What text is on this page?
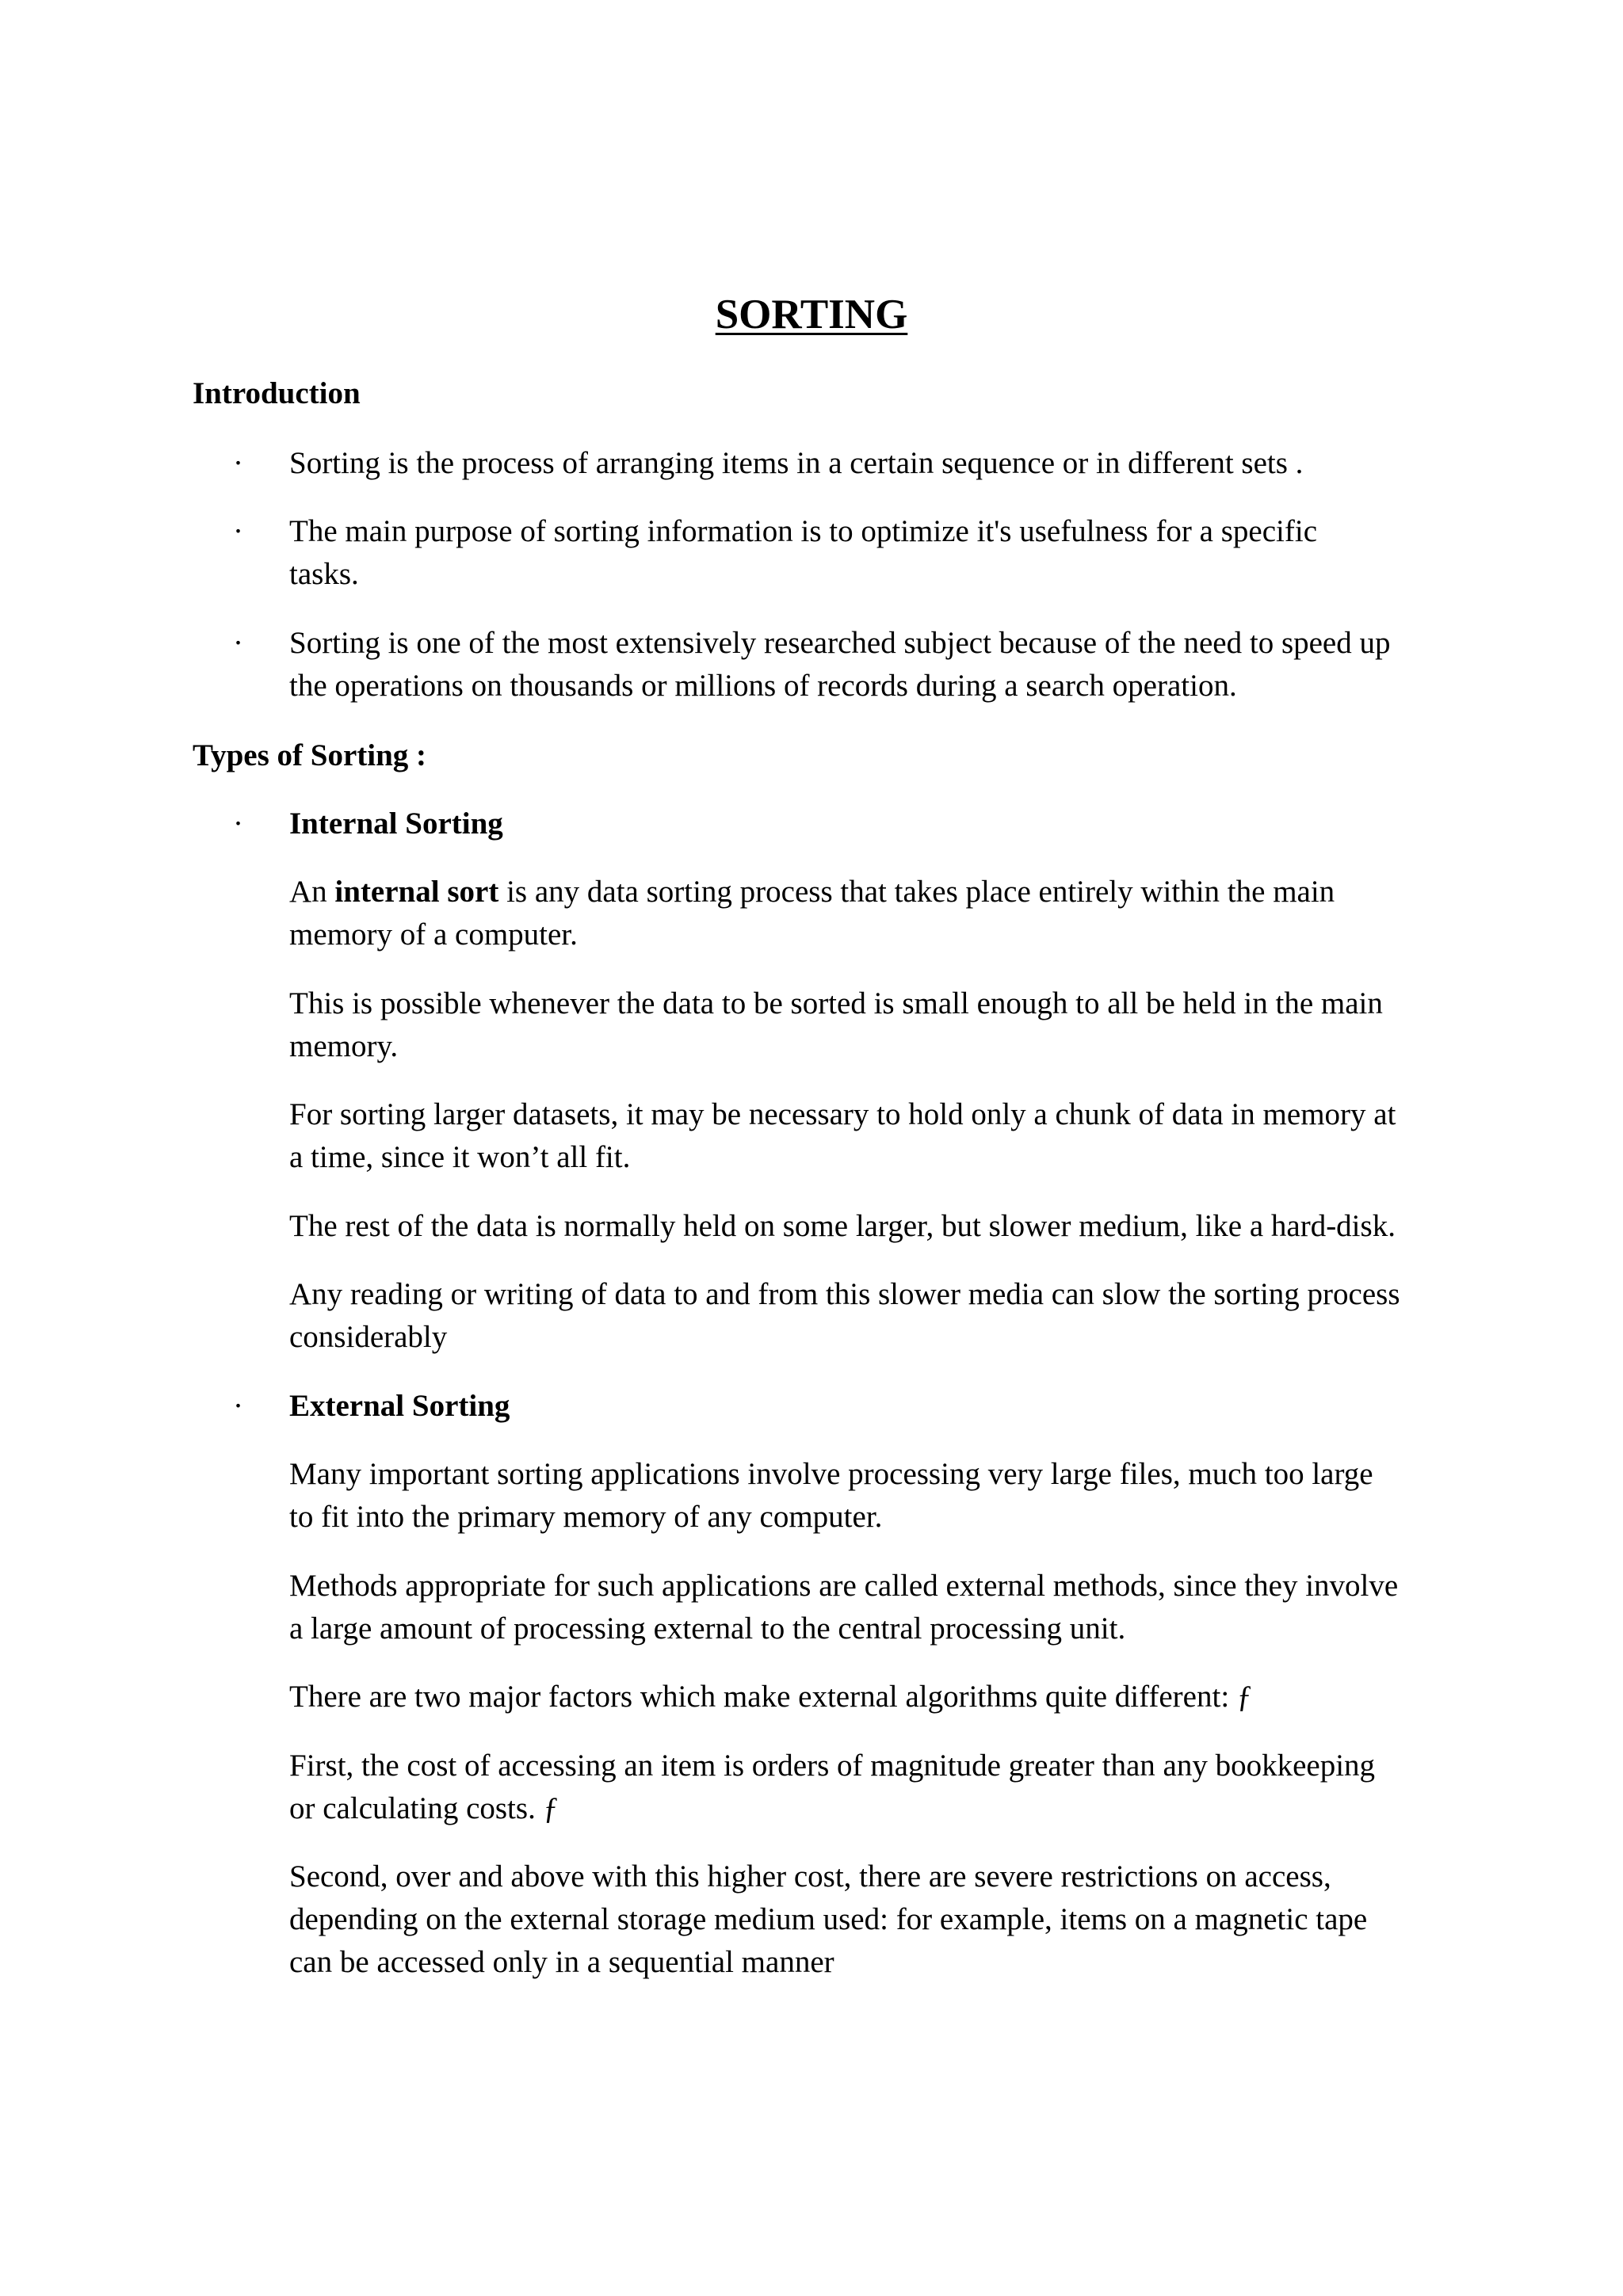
SORTING
Introduction
· Sorting is the process of arranging items in a certain sequence or in different sets .
· The main purpose of sorting information is to optimize it's usefulness for a specific
tasks.
· Sorting is one of the most extensively researched subject because of the need to speed up
the operations on thousands or millions of records during a search operation.
Types of Sorting :
· Internal Sorting
An internal sort is any data sorting process that takes place entirely within the main
memory of a computer.
This is possible whenever the data to be sorted is small enough to all be held in the main
memory.
For sorting larger datasets, it may be necessary to hold only a chunk of data in memory at
a time, since it won’t all fit.
The rest of the data is normally held on some larger, but slower medium, like a hard-disk.
Any reading or writing of data to and from this slower media can slow the sorting process
considerably
· External Sorting
Many important sorting applications involve processing very large files, much too large
to fit into the primary memory of any computer.
Methods appropriate for such applications are called external methods, since they involve
a large amount of processing external to the central processing unit.
There are two major factors which make external algorithms quite different: ƒ
First, the cost of accessing an item is orders of magnitude greater than any bookkeeping
or calculating costs. ƒ
Second, over and above with this higher cost, there are severe restrictions on access,
depending on the external storage medium used: for example, items on a magnetic tape
can be accessed only in a sequential manner
